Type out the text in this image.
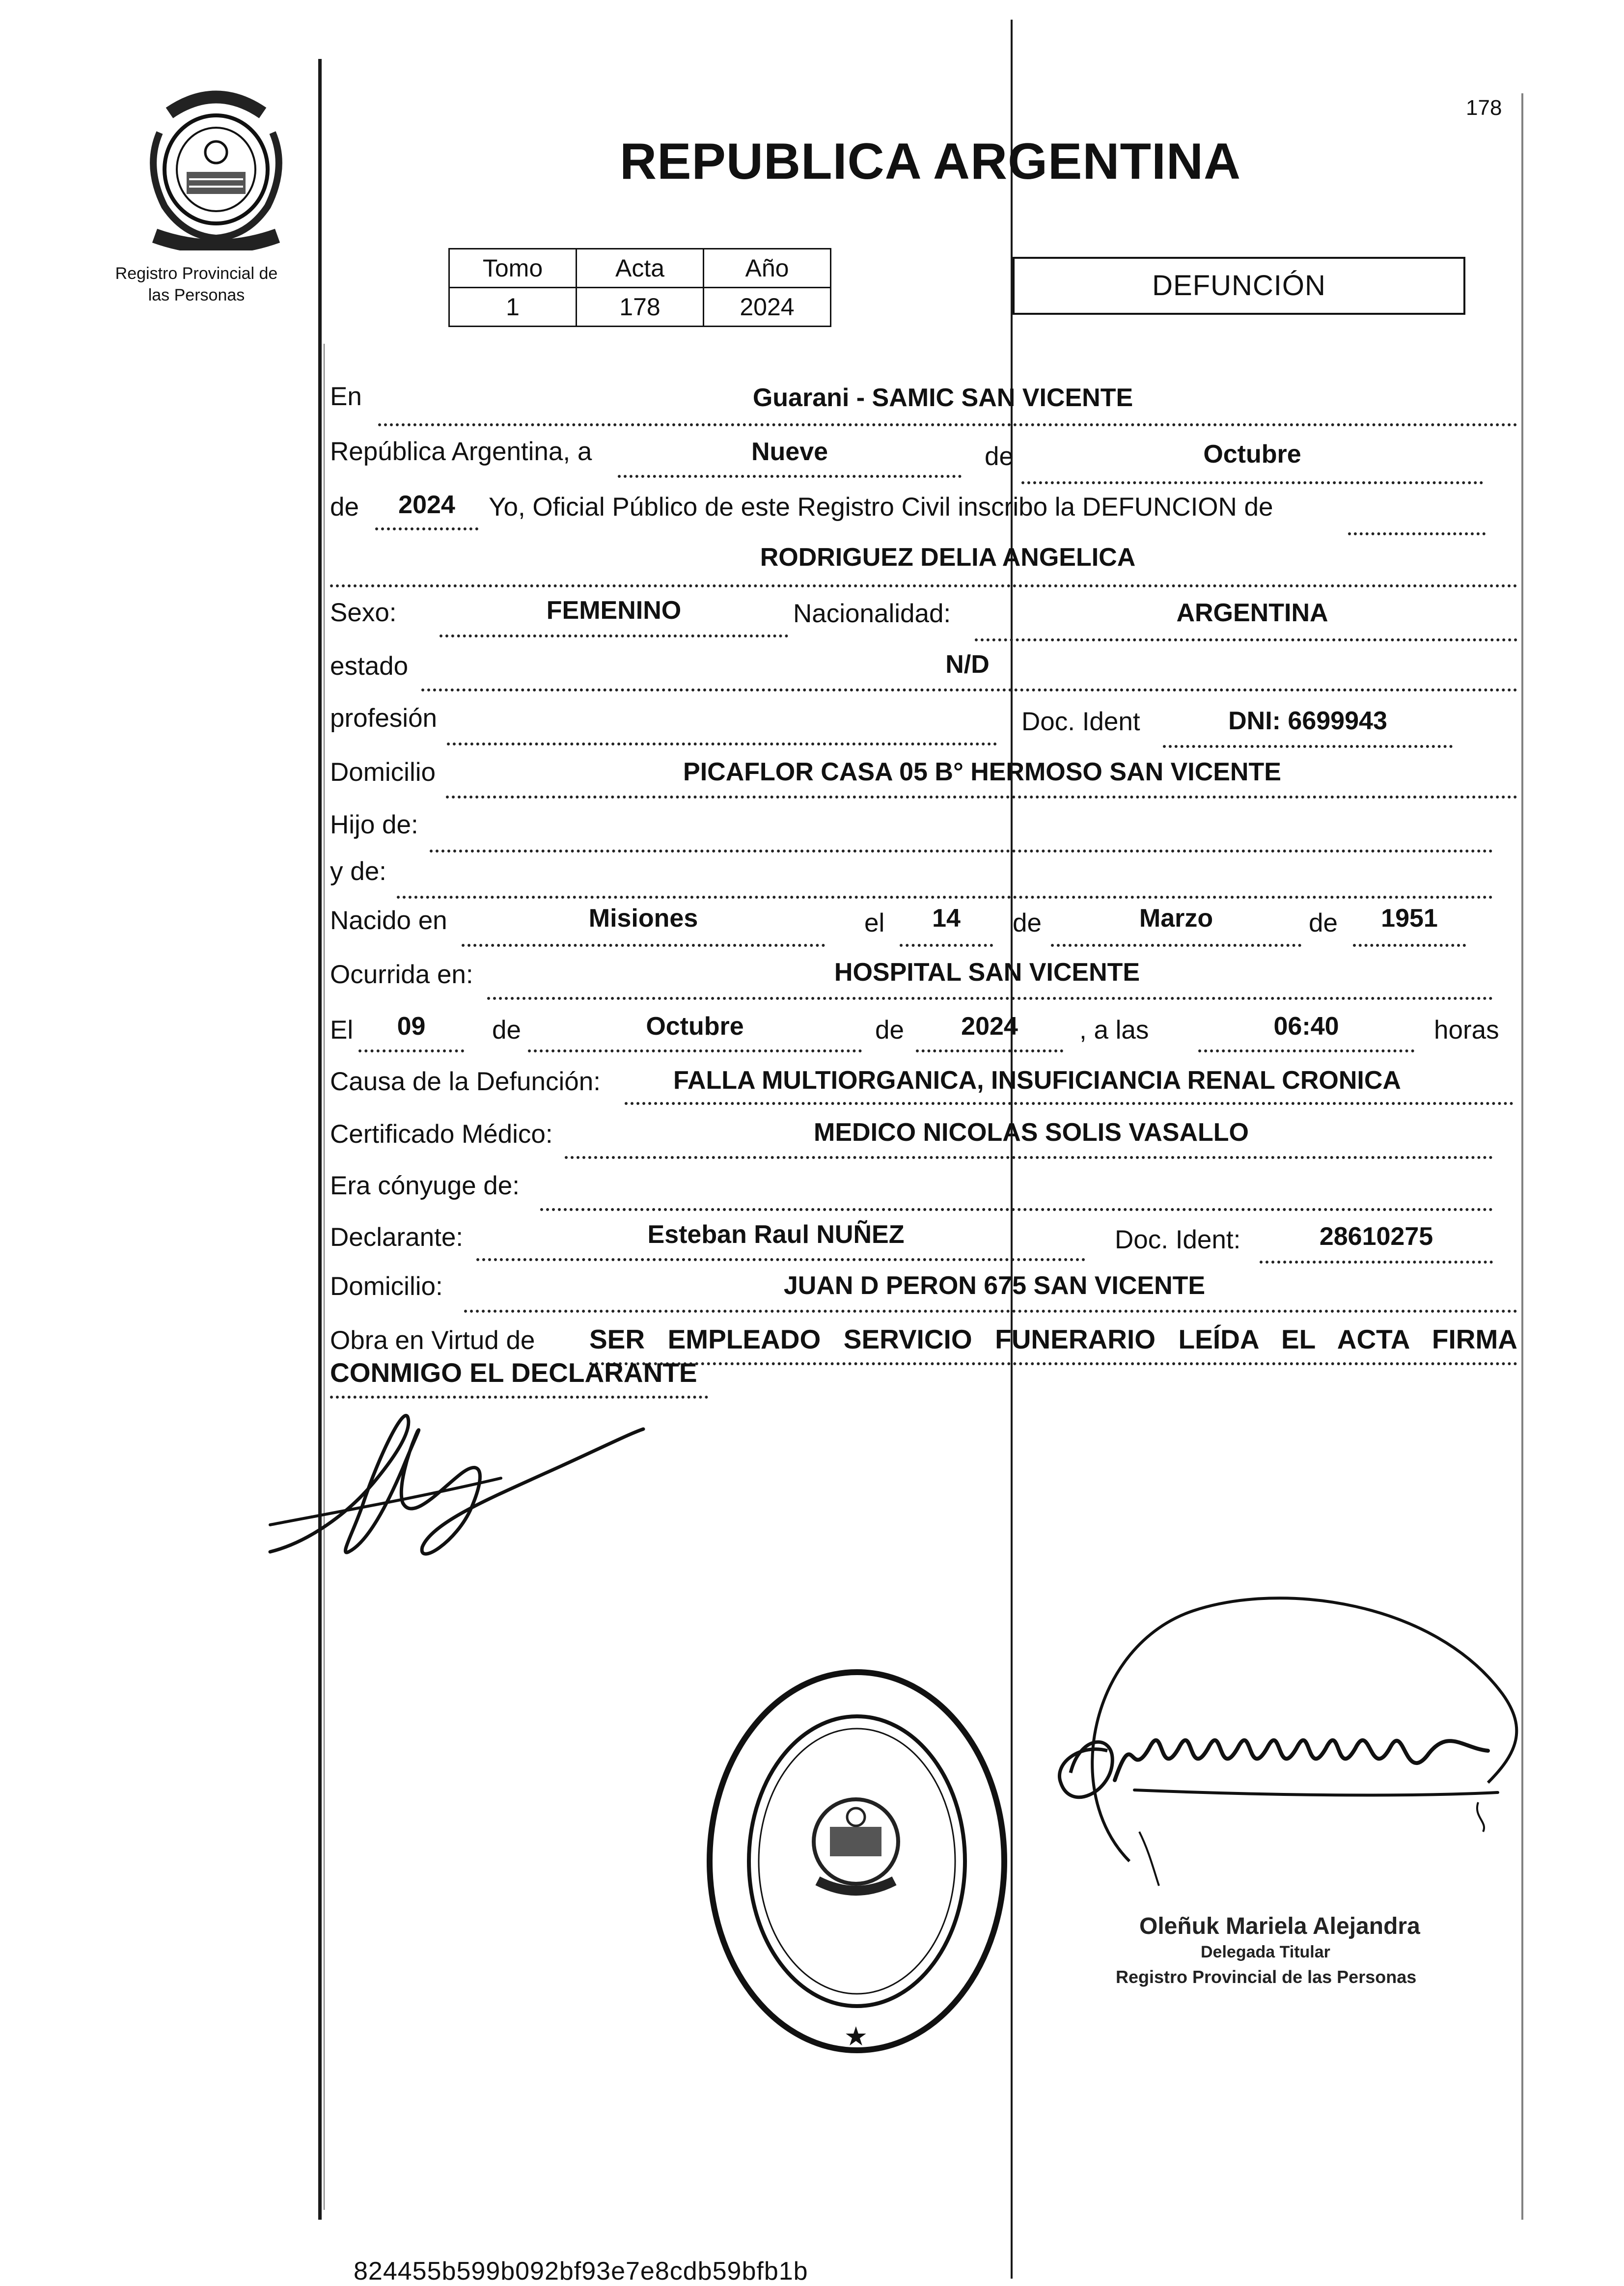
Registro Provincial de
las Personas
178
REPUBLICA ARGENTINA
Tomo	Acta	Año
1	178	2024
DEFUNCIÓN
En	Guarani - SAMIC SAN VICENTE
República Argentina, a	Nueve	de	Octubre
de	2024	Yo, Oficial Público de este Registro Civil inscribo la DEFUNCION de
RODRIGUEZ DELIA ANGELICA
Sexo:	FEMENINO	Nacionalidad:	ARGENTINA
estado	N/D
profesión	Doc. Ident	DNI: 6699943
Domicilio	PICAFLOR CASA 05 B° HERMOSO SAN VICENTE
Hijo de:
y de:
Nacido en	Misiones	el	14	de	Marzo	de	1951
Ocurrida en:	HOSPITAL SAN VICENTE
El	09	de	Octubre	de	2024	, a las	06:40	horas
Causa de la Defunción:	FALLA MULTIORGANICA, INSUFICIANCIA RENAL CRONICA
Certificado Médico:	MEDICO NICOLAS SOLIS VASALLO
Era cónyuge de:
Declarante:	Esteban Raul NUÑEZ	Doc. Ident:	28610275
Domicilio:	JUAN D PERON 675 SAN VICENTE
Obra en Virtud de SER EMPLEADO SERVICIO FUNERARIO LEÍDA EL ACTA FIRMA
CONMIGO EL DECLARANTE
★
Oleñuk Mariela Alejandra
Delegada Titular
Registro Provincial de las Personas
824455b599b092bf93e7e8cdb59bfb1b
